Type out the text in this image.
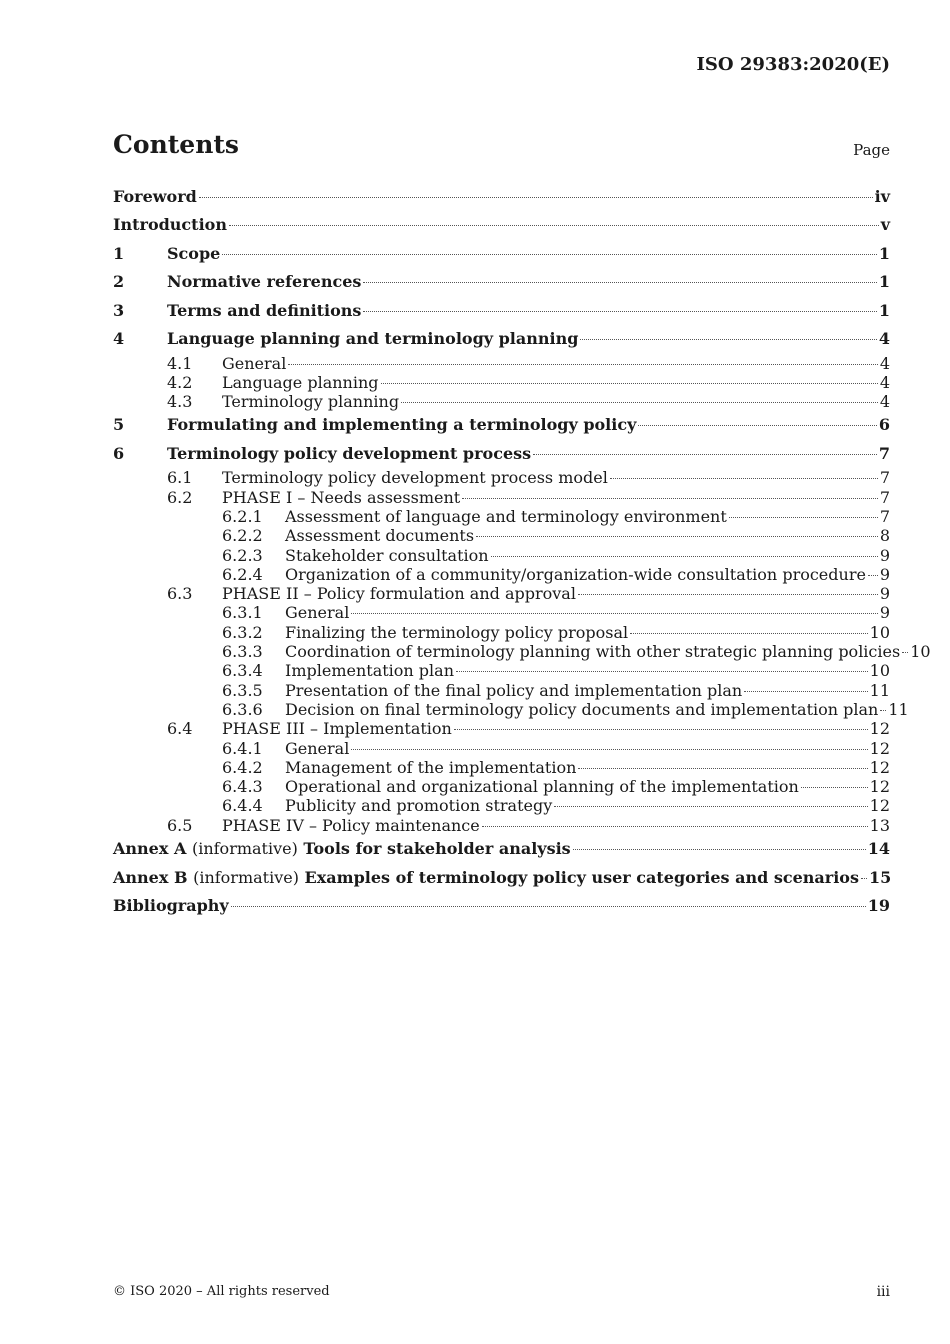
ISO 29383:2020(E)
Contents	Page
Foreword	iv
Introduction	v
1	Scope	1
2	Normative references	1
3	Terms and definitions	1
4	Language planning and terminology planning	4
4.1	General	4
4.2	Language planning	4
4.3	Terminology planning	4
5	Formulating and implementing a terminology policy	6
6	Terminology policy development process	7
6.1	Terminology policy development process model	7
6.2	PHASE I – Needs assessment	7
6.2.1	Assessment of language and terminology environment	7
6.2.2	Assessment documents	8
6.2.3	Stakeholder consultation	9
6.2.4	Organization of a community/organization-wide consultation procedure 9
6.3	PHASE II – Policy formulation and approval	9
6.3.1	General	9
6.3.2	Finalizing the terminology policy proposal	10
6.3.3	Coordination of terminology planning with other strategic planning policies 10
6.3.4	Implementation plan	10
6.3.5	Presentation of the final policy and implementation plan	11
6.3.6	Decision on final terminology policy documents and implementation plan 11
6.4	PHASE III – Implementation	12
6.4.1	General	12
6.4.2	Management of the implementation	12
6.4.3	Operational and organizational planning of the implementation	12
6.4.4	Publicity and promotion strategy	12
6.5	PHASE IV – Policy maintenance	13
Annex A (informative) Tools for stakeholder analysis	14
Annex B (informative) Examples of terminology policy user categories and scenarios 15
Bibliography	19
© ISO 2020 – All rights reserved	iii
